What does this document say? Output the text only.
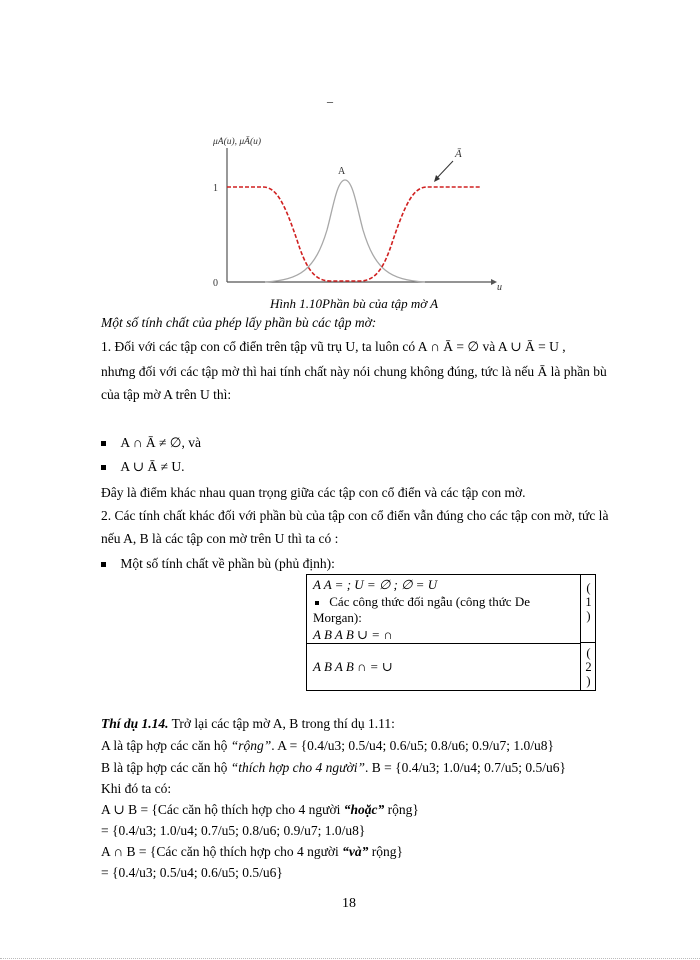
_
μA(u), μĀ(u)
A
Ā
1
0	u
Hình 1.10Phần bù của tập mờ A
Một số tính chất của phép lấy phần bù các tập mờ:
1. Đối với các tập con cổ điển trên tập vũ trụ U, ta luôn có A ∩ Ā = ∅ và A ∪ Ā = U ,
nhưng đối với các tập mờ thì hai tính chất này nói chung không đúng, tức là nếu Ā là phần bù
của tập mờ A trên U thì:
A ∩ Ā ≠ ∅, và
A ∪ Ā ≠ U.
Đây là điểm khác nhau quan trọng giữa các tập con cổ điển và các tập con mờ.
2. Các tính chất khác đối với phần bù của tập con cổ điển vẫn đúng cho các tập con mờ, tức là
nếu A, B là các tập con mờ trên U thì ta có :
Một số tính chất về phần bù (phủ định):
A A = ; U = ∅ ; ∅ = U
Các công thức đối ngẫu (công thức De
Morgan):
A B A B ∪ = ∩
(
1
)
A B A B ∩ = ∪
(
2
)
Thí dụ 1.14. Trở lại các tập mờ A, B trong thí dụ 1.11:
A là tập hợp các căn hộ “rộng”. A = {0.4/u3; 0.5/u4; 0.6/u5; 0.8/u6; 0.9/u7; 1.0/u8}
B là tập hợp các căn hộ “thích hợp cho 4 người”. B = {0.4/u3; 1.0/u4; 0.7/u5; 0.5/u6}
Khi đó ta có:
A ∪ B = {Các căn hộ thích hợp cho 4 người “hoặc” rộng}
= {0.4/u3; 1.0/u4; 0.7/u5; 0.8/u6; 0.9/u7; 1.0/u8}
A ∩ B = {Các căn hộ thích hợp cho 4 người “và” rộng}
= {0.4/u3; 0.5/u4; 0.6/u5; 0.5/u6}
18
